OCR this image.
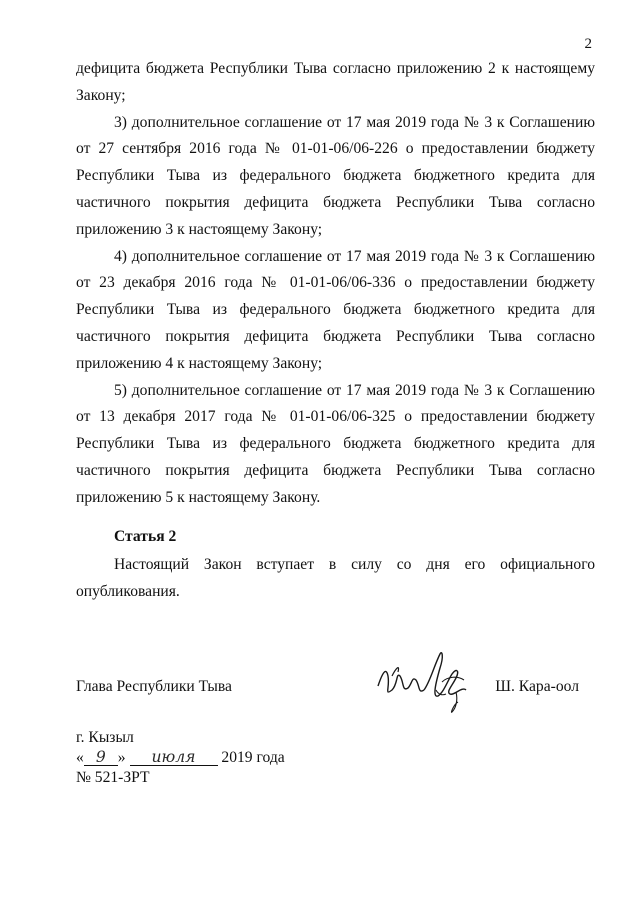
2

дефицита бюджета Республики Тыва согласно приложению 2 к настоящему Закону;

3) дополнительное соглашение от 17 мая 2019 года № 3 к Соглашению от 27 сентября 2016 года № 01-01-06/06-226 о предоставлении бюджету Республики Тыва из федерального бюджета бюджетного кредита для частичного покрытия дефицита бюджета Республики Тыва согласно приложению 3 к настоящему Закону;

4) дополнительное соглашение от 17 мая 2019 года № 3 к Соглашению от 23 декабря 2016 года № 01-01-06/06-336 о предоставлении бюджету Республики Тыва из федерального бюджета бюджетного кредита для частичного покрытия дефицита бюджета Республики Тыва согласно приложению 4 к настоящему Закону;

5) дополнительное соглашение от 17 мая 2019 года № 3 к Соглашению от 13 декабря 2017 года № 01-01-06/06-325 о предоставлении бюджету Республики Тыва из федерального бюджета бюджетного кредита для частичного покрытия дефицита бюджета Республики Тыва согласно приложению 5 к настоящему Закону.

Статья 2

Настоящий Закон вступает в силу со дня его официального опубликования.

Глава Республики Тыва	Ш. Кара-оол
г. Кызыл
« 9 » июля 2019 года
№ 521-ЗРТ
